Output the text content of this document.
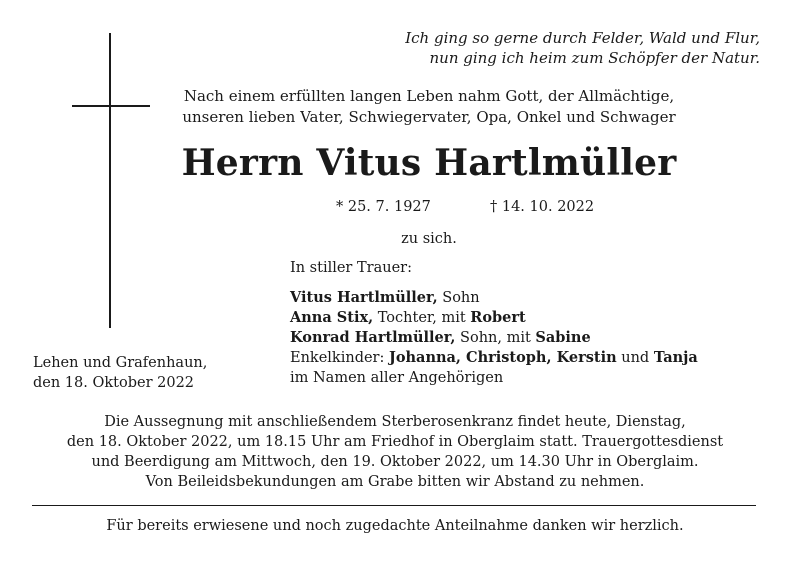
Ich ging so gerne durch Felder, Wald und Flur,
nun ging ich heim zum Schöpfer der Natur.
Nach einem erfüllten langen Leben nahm Gott, der Allmächtige,
unseren lieben Vater, Schwiegervater, Opa, Onkel und Schwager
Herrn Vitus Hartlmüller
* 25. 7. 1927	† 14. 10. 2022
zu sich.
In stiller Trauer:
Vitus Hartlmüller, Sohn
Anna Stix, Tochter, mit Robert
Konrad Hartlmüller, Sohn, mit Sabine
Enkelkinder: Johanna, Christoph, Kerstin und Tanja
im Namen aller Angehörigen
Lehen und Grafenhaun,
den 18. Oktober 2022
Die Aussegnung mit anschließendem Sterberosenkranz findet heute, Dienstag,
den 18. Oktober 2022, um 18.15 Uhr am Friedhof in Oberglaim statt. Trauergottesdienst
und Beerdigung am Mittwoch, den 19. Oktober 2022, um 14.30 Uhr in Oberglaim.
Von Beileidsbekundungen am Grabe bitten wir Abstand zu nehmen.
Für bereits erwiesene und noch zugedachte Anteilnahme danken wir herzlich.
